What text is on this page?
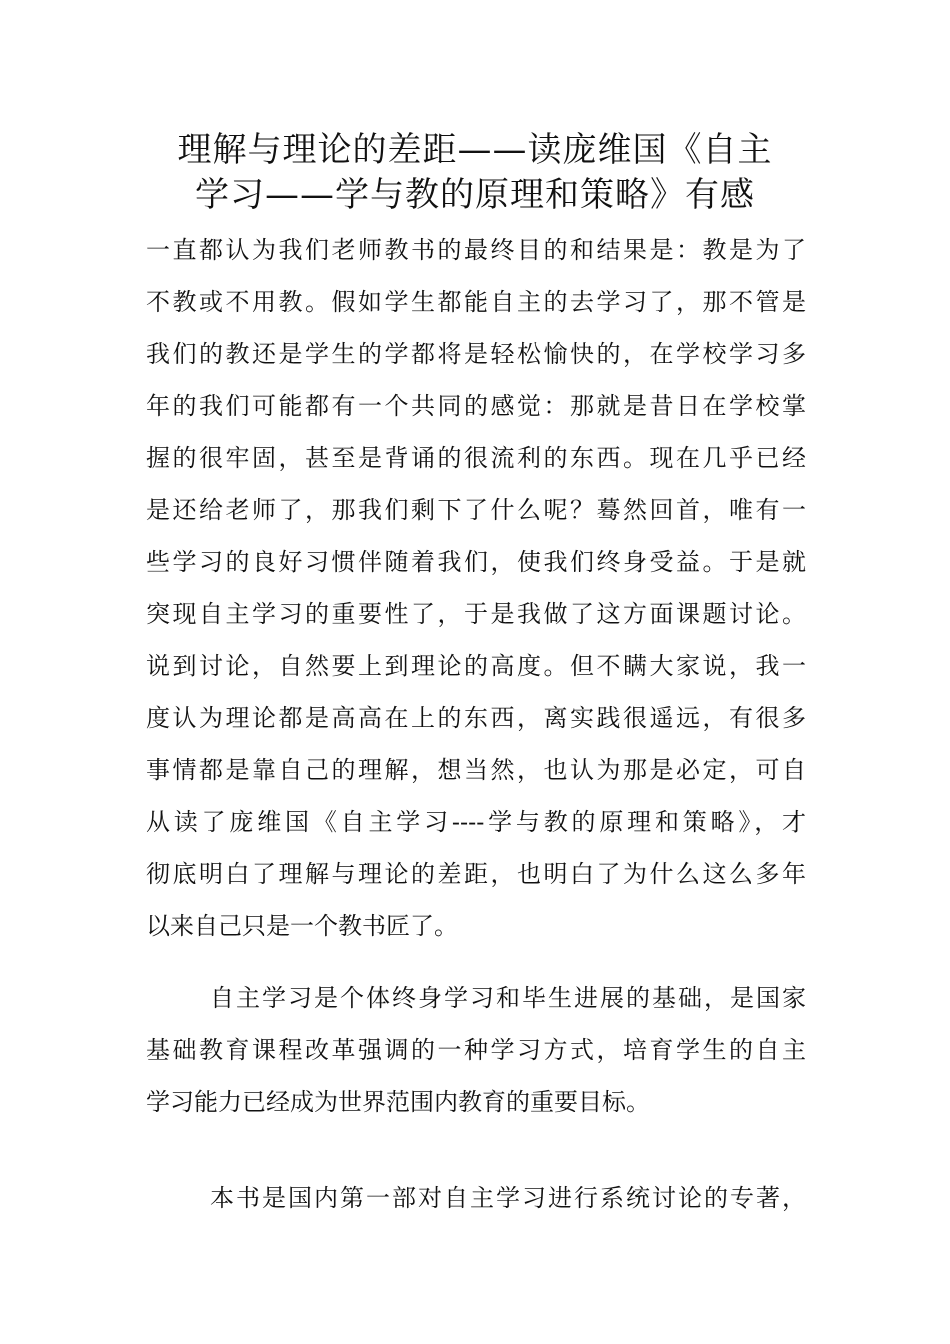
理解与理论的差距——读庞维国《自主
学习——学与教的原理和策略》有感
一直都认为我们老师教书的最终目的和结果是：教是为了
不教或不用教。假如学生都能自主的去学习了，那不管是
我们的教还是学生的学都将是轻松愉快的，在学校学习多
年的我们可能都有一个共同的感觉：那就是昔日在学校掌
握的很牢固，甚至是背诵的很流利的东西。现在几乎已经
是还给老师了，那我们剩下了什么呢？蓦然回首，唯有一
些学习的良好习惯伴随着我们，使我们终身受益。于是就
突现自主学习的重要性了，于是我做了这方面课题讨论。
说到讨论，自然要上到理论的高度。但不瞒大家说，我一
度认为理论都是高高在上的东西，离实践很遥远，有很多
事情都是靠自己的理解，想当然，也认为那是必定，可自
从读了庞维国《自主学习----学与教的原理和策略》，才
彻底明白了理解与理论的差距，也明白了为什么这么多年
以来自己只是一个教书匠了。
自主学习是个体终身学习和毕生进展的基础，是国家
基础教育课程改革强调的一种学习方式，培育学生的自主
学习能力已经成为世界范围内教育的重要目标。
本书是国内第一部对自主学习进行系统讨论的专著，
